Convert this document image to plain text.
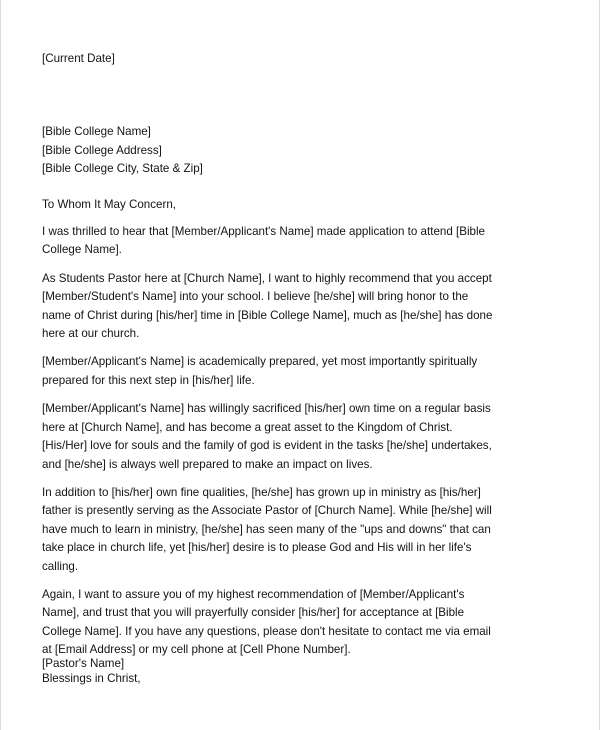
[Current Date]
[Bible College Name]
[Bible College Address]
[Bible College City, State & Zip]
To Whom It May Concern,
I was thrilled to hear that [Member/Applicant's Name] made application to attend [Bible
College Name].
As Students Pastor here at [Church Name], I want to highly recommend that you accept
[Member/Student's Name] into your school. I believe [he/she] will bring honor to the
name of Christ during [his/her] time in [Bible College Name], much as [he/she] has done
here at our church.
[Member/Applicant's Name] is academically prepared, yet most importantly spiritually
prepared for this next step in [his/her] life.
[Member/Applicant's Name] has willingly sacrificed [his/her] own time on a regular basis
here at [Church Name], and has become a great asset to the Kingdom of Christ.
[His/Her] love for souls and the family of god is evident in the tasks [he/she] undertakes,
and [he/she] is always well prepared to make an impact on lives.
In addition to [his/her] own fine qualities, [he/she] has grown up in ministry as [his/her]
father is presently serving as the Associate Pastor of [Church Name]. While [he/she] will
have much to learn in ministry, [he/she] has seen many of the "ups and downs" that can
take place in church life, yet [his/her] desire is to please God and His will in her life's
calling.
Again, I want to assure you of my highest recommendation of [Member/Applicant's
Name], and trust that you will prayerfully consider [his/her] for acceptance at [Bible
College Name]. If you have any questions, please don't hesitate to contact me via email
at [Email Address] or my cell phone at [Cell Phone Number].
Blessings in Christ,
[Pastor's Name]
